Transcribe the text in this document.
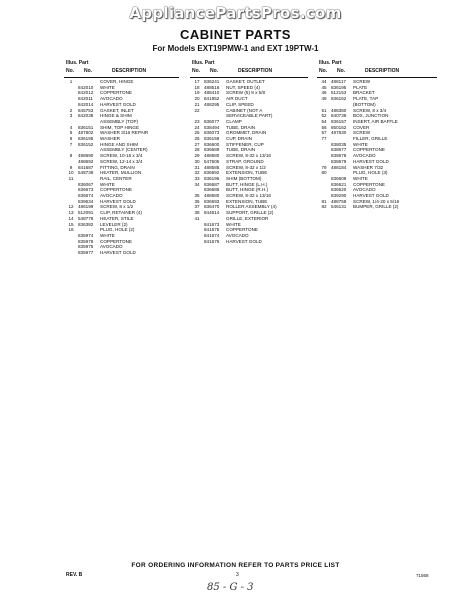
AppliancePartsPros.com
CABINET PARTS
For Models EXT19PMW-1 and EXT 19PTW-1
Illus. Part
No. No.	DESCRIPTION
1	COVER, HINGE
842010	WHITE
842012	COPPERTONE
842011	AVOCADO
842014	HARVEST GOLD
2	845753	GASKET, INLET
3	842038	HINGE & SHIM
ASSEMBLY (TOP)
4	836151	SHIM, TOP HINGE
5	487802	WASHER 3/16 REPAIR
6	836195	WASHER
7	836152	HINGE AND SHIM
ASSEMBLY (CENTER)
8	488690	SCREW, 10-16 x 3/4
488692	SCREW, 12-14 x 3/4
9	841687	FITTING, DRAIN
10 548739	HEATER, MULLION
11	RAIL, CENTER
836067	WHITE
836673	COPPERTONE
836674	AVOCADO
839634	HARVEST GOLD
12 486199	SCREW, 8 x 1/2
13 512091	CLIP, RETAINER (4)
14 548778	HEATER, STILE
15 836382	LEVELER (2)
16	PLUG, HOLE (2)
835974	WHITE
835976	COPPERTONE
835975	AVOCADO
835977	HARVEST GOLD
Illus. Part
No. No.	DESCRIPTION
17 836241	GASKET, OUTLET
18 488516	NUT, SPEED (4)
19 488410	SCREW (5) 8 x 5/8
20 841952	AIR DUCT
21 488295	CLIP, SPEED
22	CABINET (NOT A
SERVICEABLE PART)
23 836077	CLAMP
24 538494	TUBE, DRAIN
25 836073	GROMMET, DRAIN
26 836159	CUP, DRAIN
27 836600	STIFFENER, CUP
28 836689	TUBE, DRAIN
29 488580	SCREW, 8-32 x 13/16
30 547605	STRAP, GROUND
31 488585	SCREW, 8-32 x 1/2
32 836692	EXTENSION, TUBE
33 836196	SHIM (BOTTOM)
34 836687	BUTT, HINGE (L.H.)
836686	BUTT, HINGE (R.H.)
35 488580	SCREW, 8-32 x 13/16
36 836693	EXTENSION, TUBE
37 836470	ROLLER ASSEMBLY (4)
38 844614	SUPPORT, GRILLE (2)
41	GRILLE, EXTERIOR
841673	WHITE
841675	COPPERTONE
841674	AVOCADO
841676	HARVEST GOLD
Illus. Part
No. No.	DESCRIPTION
44 488117	SCREW
45 836195	PLATE
46 512153	BRACKET
49 836162	PLATE, TAP
(BOTTOM)
51 488380	SCREW, 8 x 3/4
52 840739	BOX, JUNCTION
54 836157	INSERT, AIR BAFFLE
56 850152	COVER
57 487630	SCREW
77	FILLER, GRILLE
838035	WHITE
838677	COPPERTONE
838678	AVOCADO
838679	HARVEST GOLD
79 488184	WASHER 7/32
80	PLUG, HOLE (3)
836609	WHITE
836621	COPPERTONE
836620	AVOCADO
839290	HARVEST GOLD
81 488759	SCREW, 1/4-20 x 5/16
82 546131	BUMPER, GRILLE (2)
FOR ORDERING INFORMATION REFER TO PARTS PRICE LIST
REV. B	3	71568
85 - G - 3
